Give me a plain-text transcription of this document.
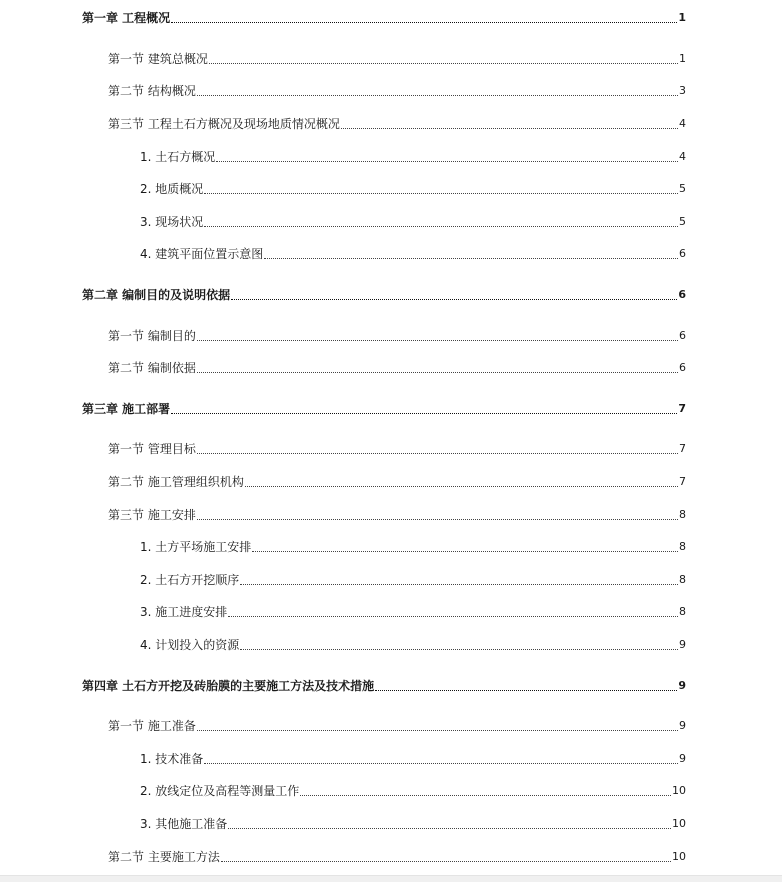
第一章 工程概况	1
第一节 建筑总概况	1
第二节 结构概况	3
第三节 工程土石方概况及现场地质情况概况	4
1. 土石方概况	4
2. 地质概况	5
3. 现场状况	5
4. 建筑平面位置示意图	6
第二章 编制目的及说明依据	6
第一节 编制目的	6
第二节 编制依据	6
第三章 施工部署	7
第一节 管理目标	7
第二节 施工管理组织机构	7
第三节 施工安排	8
1. 土方平场施工安排	8
2. 土石方开挖顺序	8
3. 施工进度安排	8
4. 计划投入的资源	9
第四章 土石方开挖及砖胎膜的主要施工方法及技术措施	9
第一节 施工准备	9
1. 技术准备	9
2. 放线定位及高程等测量工作	10
3. 其他施工准备	10
第二节 主要施工方法	10
